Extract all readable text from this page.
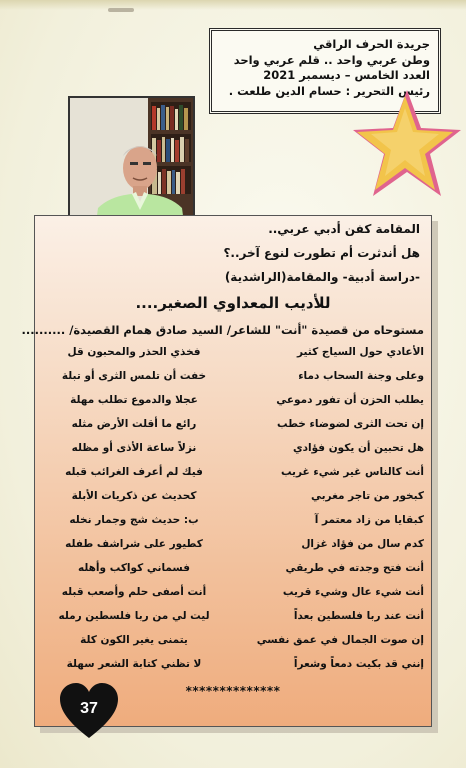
جريدة الحرف الراقي
وطن عربي واحد .. قلم عربي واحد
العدد الخامس – ديسمبر 2021
رئيس التحرير : حسام الدين طلعت .
المقامة كفن أدبي عربي..
هل أندثرت أم تطورت لنوع آخر..؟
-دراسة أدبية- والمقامة(الراشدية)
للأديب المعداوي الصغير....
مستوحاه من قصيدة "أنت" للشاعر/ السيد صادق همام القصيدة/ ..........
الأعادي حول السياج كثير
فخذي الحذر والمحبون قل
وعلى وجنة السحاب دماء
خفت أن تلمس الثرى أو تبلة
يطلب الحزن أن تفور دموعي
عجلا والدموع تطلب مهلة
إن تحت الثرى لضوضاء خطب
رائع ما أقلت الأرض مثله
هل تحبين أن يكون فؤادي
نزلاً ساعة الأذى أو مظله
أنت كالناس غير شيء غريب
فيك لم أعرف الغرائب قبله
كبخور من تاجر مغربي
كحديث عن ذكريات الأبلة
كبقايا من زاد معتمر آ
ب: حديث شج وجمار نخله
كدم سال من فؤاد غزال
كطيور على شراشف طفله
أنت فتح وجدته في طريقي
فسماني كواكب وأهله
أنت شيء عال وشيء قريب
أنت أصفى حلم وأصعب قبله
أنت عند ربا فلسطين بعداً
ليت لي من ربا فلسطين رمله
إن صوت الجمال في عمق نفسي
يتمنى يغير الكون كلة
إنني قد بكيت دمعاً وشعراً
لا تظني كتابة الشعر سهلة
**************
37
